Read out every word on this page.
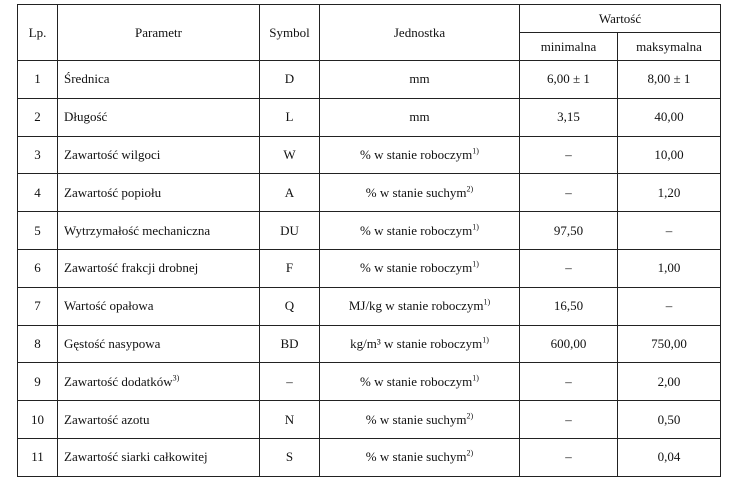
Lp.	Parametr	Symbol	Jednostka	Wartość	
				minimalna	maksymalna
1	Średnica	D	mm	6,00 ± 1	8,00 ± 1
2	Długość	L	mm	3,15	40,00
3	Zawartość wilgoci	W	% w stanie roboczym$^{1)}$	–	10,00
4	Zawartość popiołu	A	% w stanie suchym$^{2)}$	–	1,20
5	Wytrzymałość mechaniczna	DU	% w stanie roboczym$^{1)}$	97,50	–
6	Zawartość frakcji drobnej	F	% w stanie roboczym$^{1)}$	–	1,00
7	Wartość opałowa	Q	MJ/kg w stanie roboczym$^{1)}$	16,50	–
8	Gęstość nasypowa	BD	kg/m³ w stanie roboczym$^{1)}$	600,00	750,00
9	Zawartość dodatków$^{3)}$	–	% w stanie roboczym$^{1)}$	–	2,00
10	Zawartość azotu	N	% w stanie suchym$^{2)}$	–	0,50
11	Zawartość siarki całkowitej	S	% w stanie suchym$^{2)}$	–	0,04
